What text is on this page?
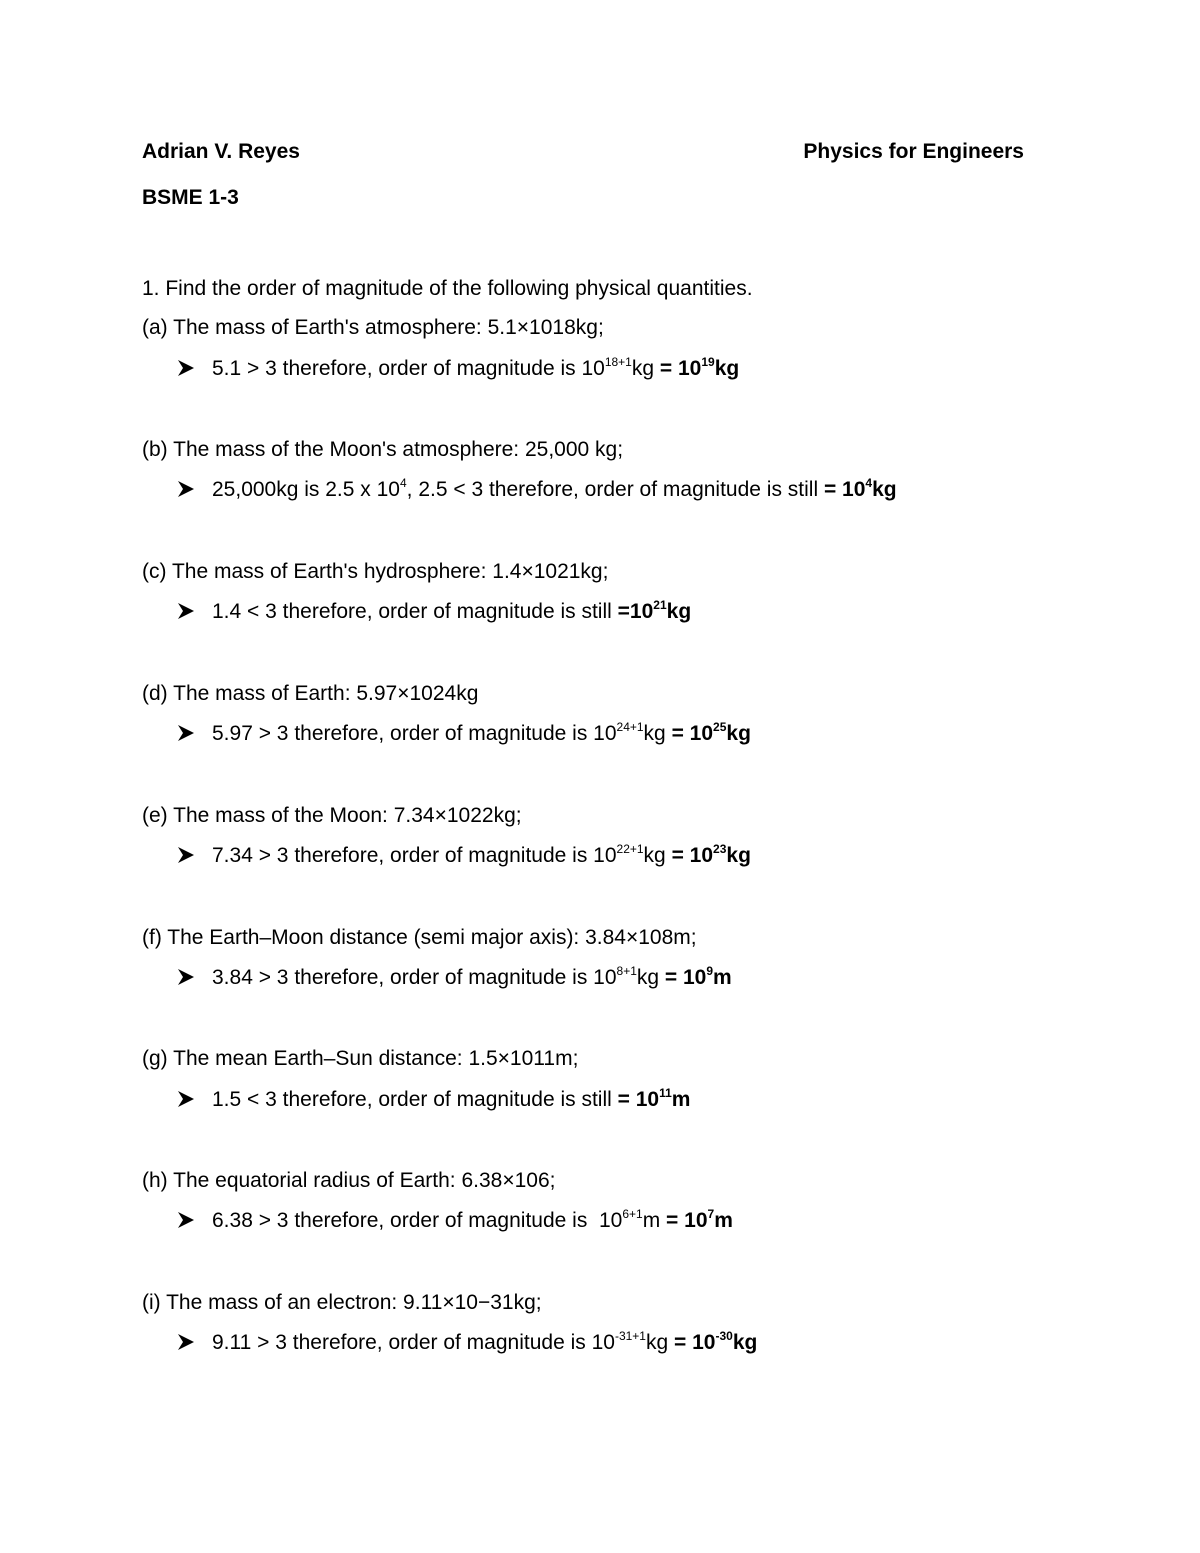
Adrian V. Reyes	Physics for Engineers
BSME 1-3
1. Find the order of magnitude of the following physical quantities.
(a) The mass of Earth's atmosphere: 5.1×1018kg;
5.1 > 3 therefore, order of magnitude is $10^{18+1}kg = 10^{19}kg$
(b) The mass of the Moon's atmosphere: 25,000 kg;
25,000kg is 2.5 x $10^4$, 2.5 < 3 therefore, order of magnitude is still = $10^4kg$
(c) The mass of Earth's hydrosphere: 1.4×1021kg;
1.4 < 3 therefore, order of magnitude is still $=10^{21}kg$
(d) The mass of Earth: 5.97×1024kg
5.97 > 3 therefore, order of magnitude is $10^{24+1}kg = 10^{25}kg$
(e) The mass of the Moon: 7.34×1022kg;
7.34 > 3 therefore, order of magnitude is $10^{22+1}kg = 10^{23}kg$
(f) The Earth–Moon distance (semi major axis): 3.84×108m;
3.84 > 3 therefore, order of magnitude is $10^{8+1}kg = 10^9m$
(g) The mean Earth–Sun distance: 1.5×1011m;
1.5 < 3 therefore, order of magnitude is still = $10^{11}m$
(h) The equatorial radius of Earth: 6.38×106;
6.38 > 3 therefore, order of magnitude is  $10^{6+1}m = 10^7m$
(i) The mass of an electron: 9.11×10−31kg;
9.11 > 3 therefore, order of magnitude is $10^{-31+1}kg = 10^{-30}kg$
